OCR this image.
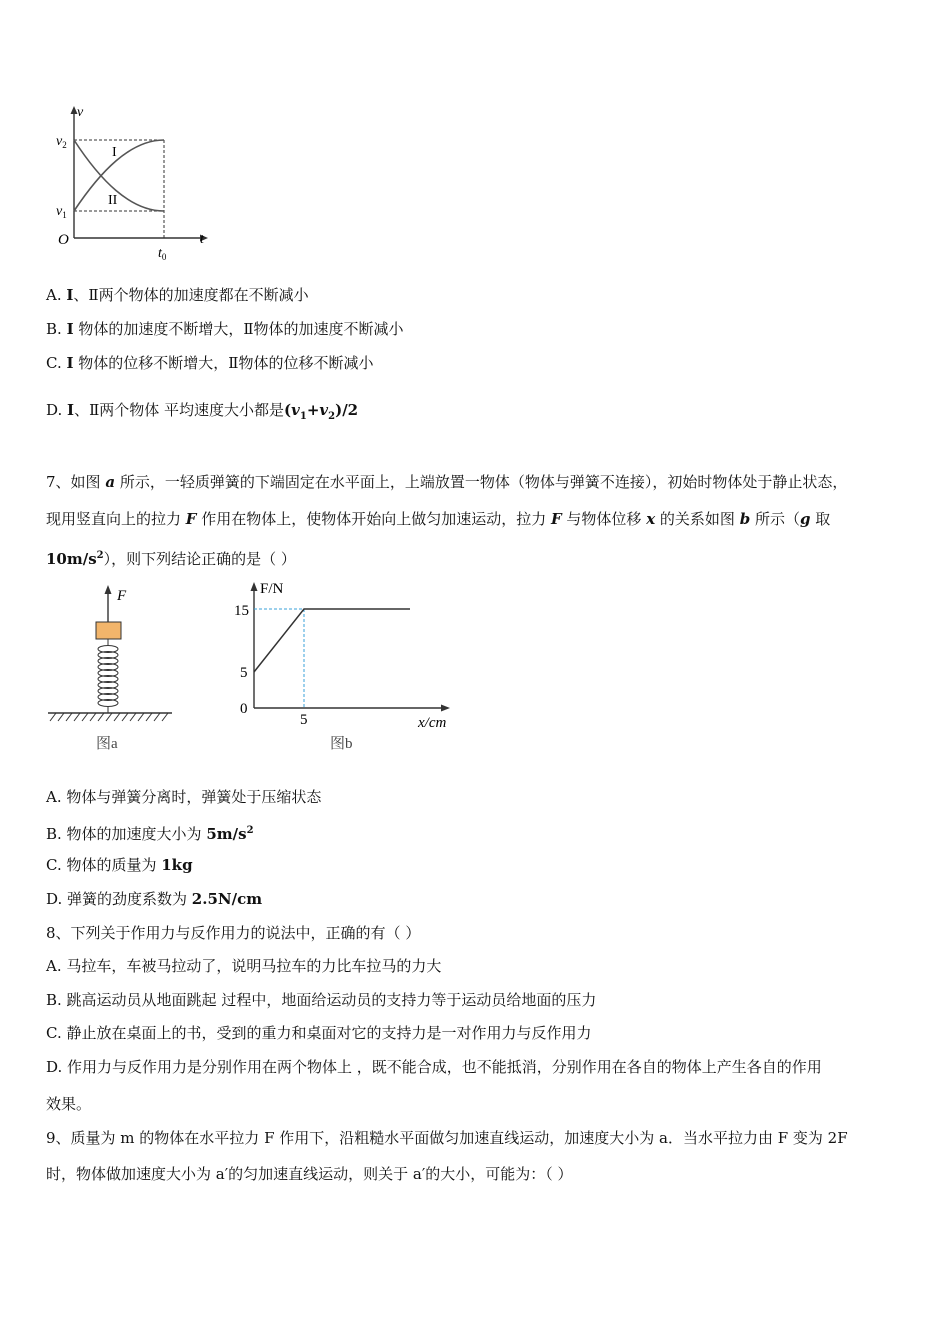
v
t
O
$v_2$
$v_1$
$t_0$
I
II
A. I、Ⅱ两个物体的加速度都在不断减小
B. I 物体的加速度不断增大，Ⅱ物体的加速度不断减小
C. I 物体的位移不断增大，Ⅱ物体的位移不断减小
D. I、Ⅱ两个物体 平均速度大小都是$(v_1+v_2)/2$
7、如图 a 所示，一轻质弹簧的下端固定在水平面上，上端放置一物体（物体与弹簧不连接），初始时物体处于静止状态，
现用竖直向上的拉力 F 作用在物体上，使物体开始向上做匀加速运动，拉力 F 与物体位移 x 的关系如图 b 所示（g 取
$10m/s^2$），则下列结论正确的是（ ）
F
图a
F/N
15
5
0
5	x/cm
图b
A. 物体与弹簧分离时，弹簧处于压缩状态
B. 物体的加速度大小为 $5m/s^2$
C. 物体的质量为 1kg
D. 弹簧的劲度系数为 2.5N/cm
8、下列关于作用力与反作用力的说法中，正确的有（ ）
A. 马拉车，车被马拉动了，说明马拉车的力比车拉马的力大
B. 跳高运动员从地面跳起 过程中，地面给运动员的支持力等于运动员给地面的压力
C. 静止放在桌面上的书，受到的重力和桌面对它的支持力是一对作用力与反作用力
D. 作用力与反作用力是分别作用在两个物体上 ，既不能合成，也不能抵消，分别作用在各自的物体上产生各自的作用
效果。
9、质量为 m 的物体在水平拉力 F 作用下，沿粗糙水平面做匀加速直线运动，加速度大小为 a．当水平拉力由 F 变为 2F
时，物体做加速度大小为 a′的匀加速直线运动，则关于 a′的大小，可能为：（ ）
